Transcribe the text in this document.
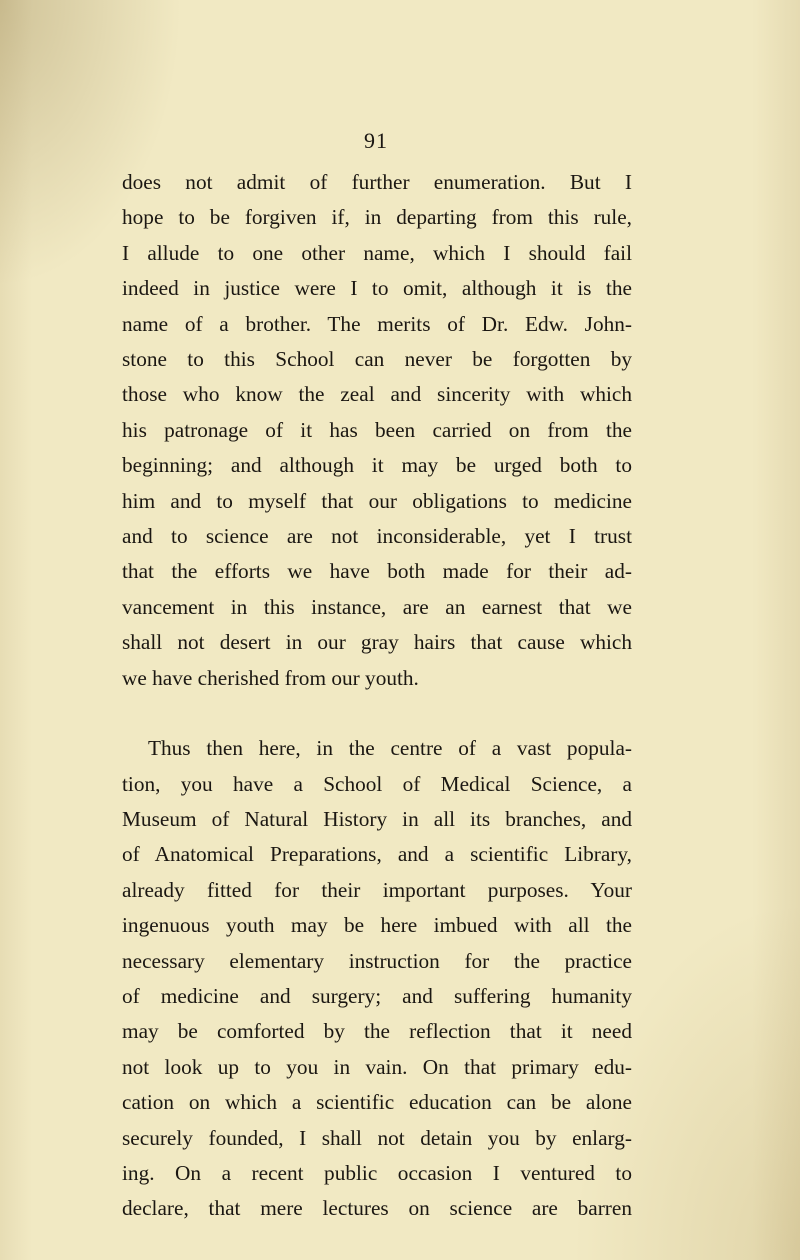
91
does not admit of further enumeration. But I
hope to be forgiven if, in departing from this rule,
I allude to one other name, which I should fail
indeed in justice were I to omit, although it is the
name of a brother. The merits of Dr. Edw. John-
stone to this School can never be forgotten by
those who know the zeal and sincerity with which
his patronage of it has been carried on from the
beginning; and although it may be urged both to
him and to myself that our obligations to medicine
and to science are not inconsiderable, yet I trust
that the efforts we have both made for their ad-
vancement in this instance, are an earnest that we
shall not desert in our gray hairs that cause which
we have cherished from our youth.
Thus then here, in the centre of a vast popula-
tion, you have a School of Medical Science, a
Museum of Natural History in all its branches, and
of Anatomical Preparations, and a scientific Library,
already fitted for their important purposes. Your
ingenuous youth may be here imbued with all the
necessary elementary instruction for the practice
of medicine and surgery; and suffering humanity
may be comforted by the reflection that it need
not look up to you in vain. On that primary edu-
cation on which a scientific education can be alone
securely founded, I shall not detain you by enlarg-
ing. On a recent public occasion I ventured to
declare, that mere lectures on science are barren
